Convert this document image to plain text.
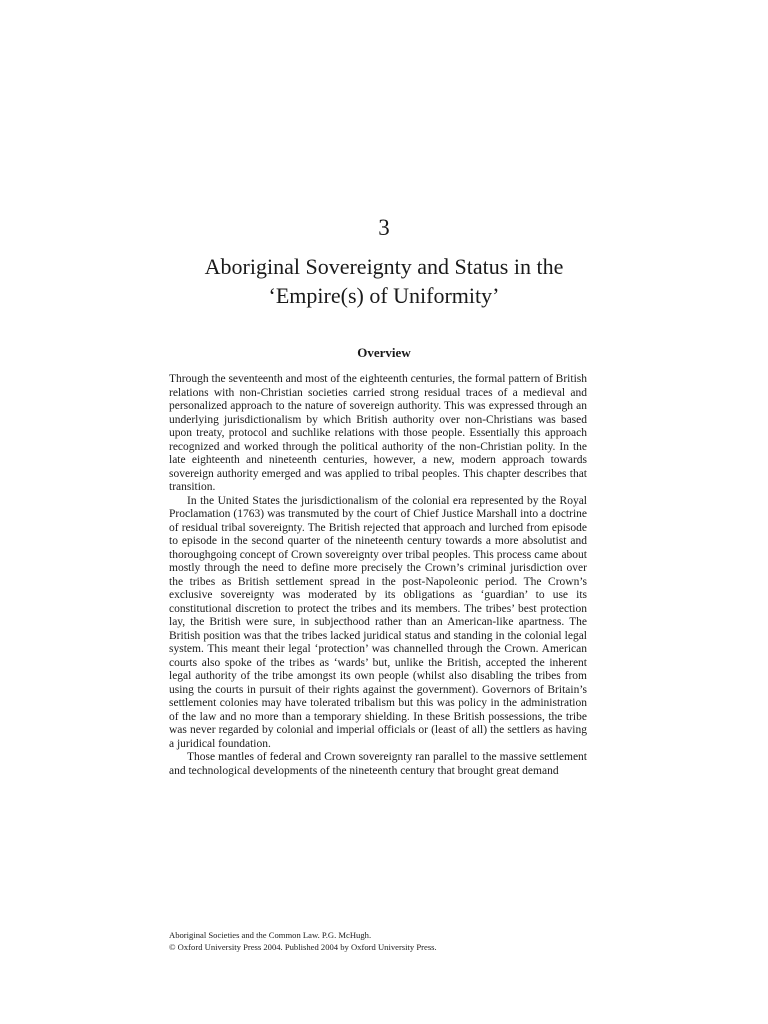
3
Aboriginal Sovereignty and Status in the
‘Empire(s) of Uniformity’
Overview

Through the seventeenth and most of the eighteenth centuries, the formal pattern of British relations with non-Christian societies carried strong residual traces of a medieval and personalized approach to the nature of sovereign authority. This was expressed through an underlying jurisdictionalism by which British authority over non-Christians was based upon treaty, protocol and suchlike relations with those people. Essentially this approach recognized and worked through the political authority of the non-Christian polity. In the late eighteenth and nineteenth centuries, however, a new, modern approach towards sovereign authority emerged and was applied to tribal peoples. This chapter describes that transition.

In the United States the jurisdictionalism of the colonial era represented by the Royal Proclamation (1763) was transmuted by the court of Chief Justice Marshall into a doctrine of residual tribal sovereignty. The British rejected that approach and lurched from episode to episode in the second quarter of the nineteenth century towards a more absolutist and thoroughgoing concept of Crown sovereignty over tribal peoples. This process came about mostly through the need to define more precisely the Crown’s criminal jurisdiction over the tribes as British settlement spread in the post-Napoleonic period. The Crown’s exclusive sovereignty was moderated by its obligations as ‘guardian’ to use its constitutional discretion to protect the tribes and its members. The tribes’ best protection lay, the British were sure, in subjecthood rather than an American-like apartness. The British position was that the tribes lacked juridical status and standing in the colonial legal system. This meant their legal ‘protection’ was channelled through the Crown. American courts also spoke of the tribes as ‘wards’ but, unlike the British, accepted the inherent legal authority of the tribe amongst its own people (whilst also disabling the tribes from using the courts in pursuit of their rights against the government). Governors of Britain’s settlement colonies may have tolerated tribalism but this was policy in the administration of the law and no more than a temporary shielding. In these British possessions, the tribe was never regarded by colonial and imperial officials or (least of all) the settlers as having a juridical foundation.

Those mantles of federal and Crown sovereignty ran parallel to the massive settlement and technological developments of the nineteenth century that brought great demand

Aboriginal Societies and the Common Law. P.G. McHugh.
© Oxford University Press 2004. Published 2004 by Oxford University Press.
